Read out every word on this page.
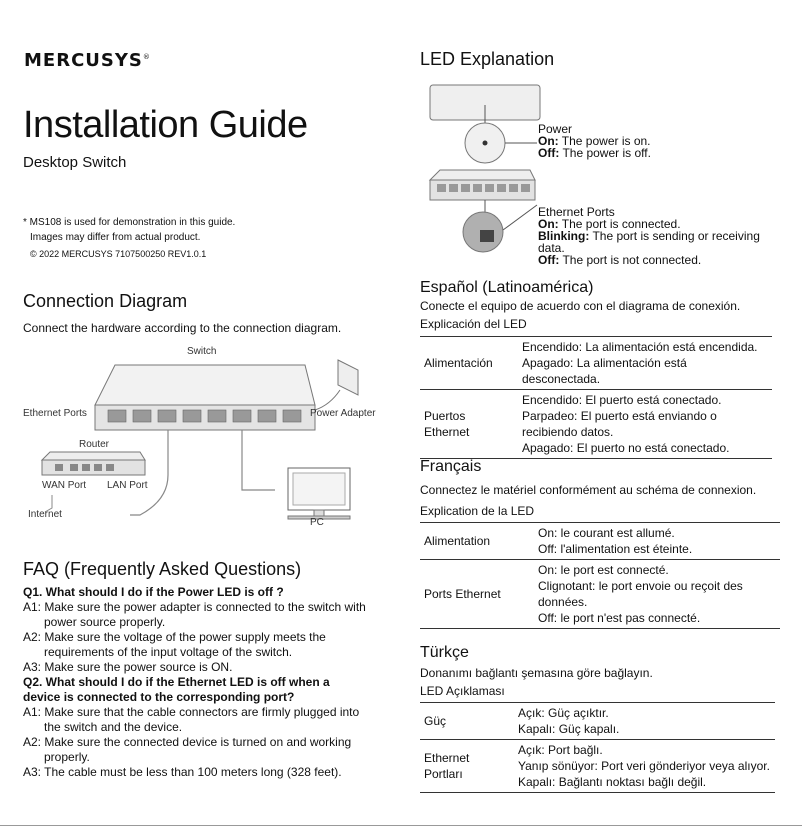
MERCUSYS®
Installation Guide
Desktop Switch
* MS108 is used for demonstration in this guide.
Images may differ from actual product.
© 2022 MERCUSYS 7107500250 REV1.0.1
Connection Diagram
Connect the hardware according to the connection diagram.
Switch
Ethernet Ports	Power Adapter
Router
WAN Port LAN Port
Internet
PC
FAQ (Frequently Asked Questions)

Q1. What should I do if the Power LED is off ?

A1: Make sure the power adapter is connected to the switch with power source properly.

A2: Make sure the voltage of the power supply meets the requirements of the input voltage of the switch.

A3: Make sure the power source is ON.

Q2. What should I do if the Ethernet LED is off when a device is connected to the corresponding port?

A1: Make sure that the cable connectors are firmly plugged into the switch and the device.

A2: Make sure the connected device is turned on and working properly.

A3: The cable must be less than 100 meters long (328 feet).

LED Explanation
Power
On: The power is on.
Off: The power is off.
Ethernet Ports
On: The port is connected.
Blinking: The port is sending or receiving data.
Off: The port is not connected.
Español (Latinoamérica)
Conecte el equipo de acuerdo con el diagrama de conexión.
Explicación del LED
Alimentación	Encendido: La alimentación está encendida.
Apagado: La alimentación está desconectada.

Puertos Ethernet	Encendido: El puerto está conectado.
Parpadeo: El puerto está enviando o recibiendo datos.
Apagado: El puerto no está conectado.
Français
Connectez le matériel conformément au schéma de connexion.
Explication de la LED
Alimentation	On: le courant est allumé.
Off: l'alimentation est éteinte.

Ports Ethernet	On: le port est connecté.
Clignotant: le port envoie ou reçoit des données.
Off: le port n'est pas connecté.
Türkçe
Donanımı bağlantı şemasına göre bağlayın.
LED Açıklaması
Güç	Açık: Güç açıktır.
Kapalı: Güç kapalı.

Ethernet Portları	Açık: Port bağlı.
Yanıp sönüyor: Port veri gönderiyor veya alıyor.
Kapalı: Bağlantı noktası bağlı değil.
